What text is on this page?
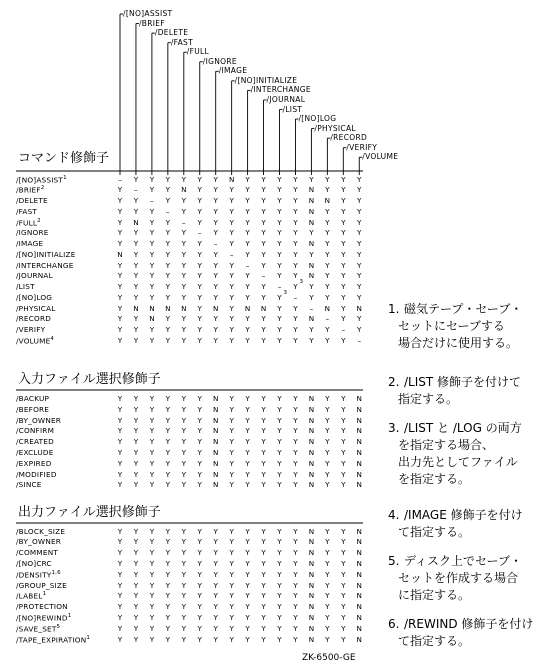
ZK-6500-GE
/[NO]ASSIST
/BRIEF
/DELETE
/FAST
/FULL
/IGNORE
/IMAGE
/[NO]INITIALIZE
/INTERCHANGE
/JOURNAL
/LIST
/[NO]LOG
/PHYSICAL
/RECORD
/VERIFY
/VOLUME
コマンド修飾子
/[NO]ASSIST$^1$	–	Y	Y	Y	Y	Y	Y	N	Y	Y	Y	Y	Y	Y	Y	Y
/BRIEF$^2$	Y	–	Y	Y	N	Y	Y	Y	Y	Y	Y	Y	N	Y	Y	Y
/DELETE	Y	Y	–	Y	Y	Y	Y	Y	Y	Y	Y	Y	N	N	Y	Y
/FAST	Y	Y	Y	–	Y	Y	Y	Y	Y	Y	Y	Y	N	Y	Y	Y
/FULL$^2$	Y	N	Y	Y	–	Y	Y	Y	Y	Y	Y	Y	N	Y	Y	Y
/IGNORE	Y	Y	Y	Y	Y	–	Y	Y	Y	Y	Y	Y	Y	Y	Y	Y
/IMAGE	Y	Y	Y	Y	Y	Y	–	Y	Y	Y	Y	Y	N	Y	Y	Y
/[NO]INITIALIZE	N	Y	Y	Y	Y	Y	Y	–	Y	Y	Y	Y	Y	Y	Y	Y
/INTERCHANGE	Y	Y	Y	Y	Y	Y	Y	Y	–	Y	Y	Y	N	Y	Y	Y
/JOURNAL	Y	Y	Y	Y	Y	Y	Y	Y	Y	–	Y	Y	N	Y	Y	Y
/LIST	Y	Y	Y	Y	Y	Y	Y	Y	Y	Y	–	Y	Y	Y	Y	Y
/[NO]LOG	Y	Y	Y	Y	Y	Y	Y	Y	Y	Y	Y	–	Y	Y	Y	Y
/PHYSICAL	Y	N	N	N	N	Y	N	Y	N	N	Y	Y	–	N	Y	N
/RECORD	Y	Y	N	Y	Y	Y	Y	Y	Y	Y	Y	Y	N	–	Y	Y
/VERIFY	Y	Y	Y	Y	Y	Y	Y	Y	Y	Y	Y	Y	Y	Y	–	Y
/VOLUME$^4$	Y	Y	Y	Y	Y	Y	Y	Y	Y	Y	Y	Y	Y	Y	Y	–
3
3
入力ファイル選択修飾子
/BACKUP	Y	Y	Y	Y	Y	Y	N	Y	Y	Y	Y	Y	N	Y	Y	N
/BEFORE	Y	Y	Y	Y	Y	Y	N	Y	Y	Y	Y	Y	N	Y	Y	N
/BY_OWNER	Y	Y	Y	Y	Y	Y	N	Y	Y	Y	Y	Y	N	Y	Y	N
/CONFIRM	Y	Y	Y	Y	Y	Y	N	Y	Y	Y	Y	Y	N	Y	Y	N
/CREATED	Y	Y	Y	Y	Y	Y	N	Y	Y	Y	Y	Y	N	Y	Y	N
/EXCLUDE	Y	Y	Y	Y	Y	Y	N	Y	Y	Y	Y	Y	N	Y	Y	N
/EXPIRED	Y	Y	Y	Y	Y	Y	N	Y	Y	Y	Y	Y	N	Y	Y	N
/MODIFIED	Y	Y	Y	Y	Y	Y	N	Y	Y	Y	Y	Y	N	Y	Y	N
/SINCE	Y	Y	Y	Y	Y	Y	N	Y	Y	Y	Y	Y	N	Y	Y	N
出力ファイル選択修飾子
/BLOCK_SIZE	Y	Y	Y	Y	Y	Y	Y	Y	Y	Y	Y	Y	N	Y	Y	N
/BY_OWNER	Y	Y	Y	Y	Y	Y	Y	Y	Y	Y	Y	Y	N	Y	Y	N
/COMMENT	Y	Y	Y	Y	Y	Y	Y	Y	Y	Y	Y	Y	N	Y	Y	N
/[NO]CRC	Y	Y	Y	Y	Y	Y	Y	Y	Y	Y	Y	Y	N	Y	Y	N
/DENSITY$^{1,6}$	Y	Y	Y	Y	Y	Y	Y	Y	Y	Y	Y	Y	N	Y	Y	N
/GROUP_SIZE	Y	Y	Y	Y	Y	Y	Y	Y	Y	Y	Y	Y	N	Y	Y	N
/LABEL$^1$	Y	Y	Y	Y	Y	Y	Y	Y	Y	Y	Y	Y	N	Y	Y	N
/PROTECTION	Y	Y	Y	Y	Y	Y	Y	Y	Y	Y	Y	Y	N	Y	Y	N
/[NO]REWIND$^1$	Y	Y	Y	Y	Y	Y	Y	Y	Y	Y	Y	Y	N	Y	Y	N
/SAVE_SET$^5$	Y	Y	Y	Y	Y	Y	Y	Y	Y	Y	Y	Y	N	Y	Y	N
/TAPE_EXPIRATION$^1$	Y	Y	Y	Y	Y	Y	Y	Y	Y	Y	Y	Y	N	Y	Y	N
1. 磁気テープ・セーブ・
セットにセーブする
場合だけに使用する。
2. /LIST 修飾子を付けて
指定する。
3. /LIST と /LOG の両方
を指定する場合、
出力先としてファイル
を指定する。
4. /IMAGE 修飾子を付け
て指定する。
5. ディスク上でセーブ・
セットを作成する場合
に指定する。
6. /REWIND 修飾子を付け
て指定する。
